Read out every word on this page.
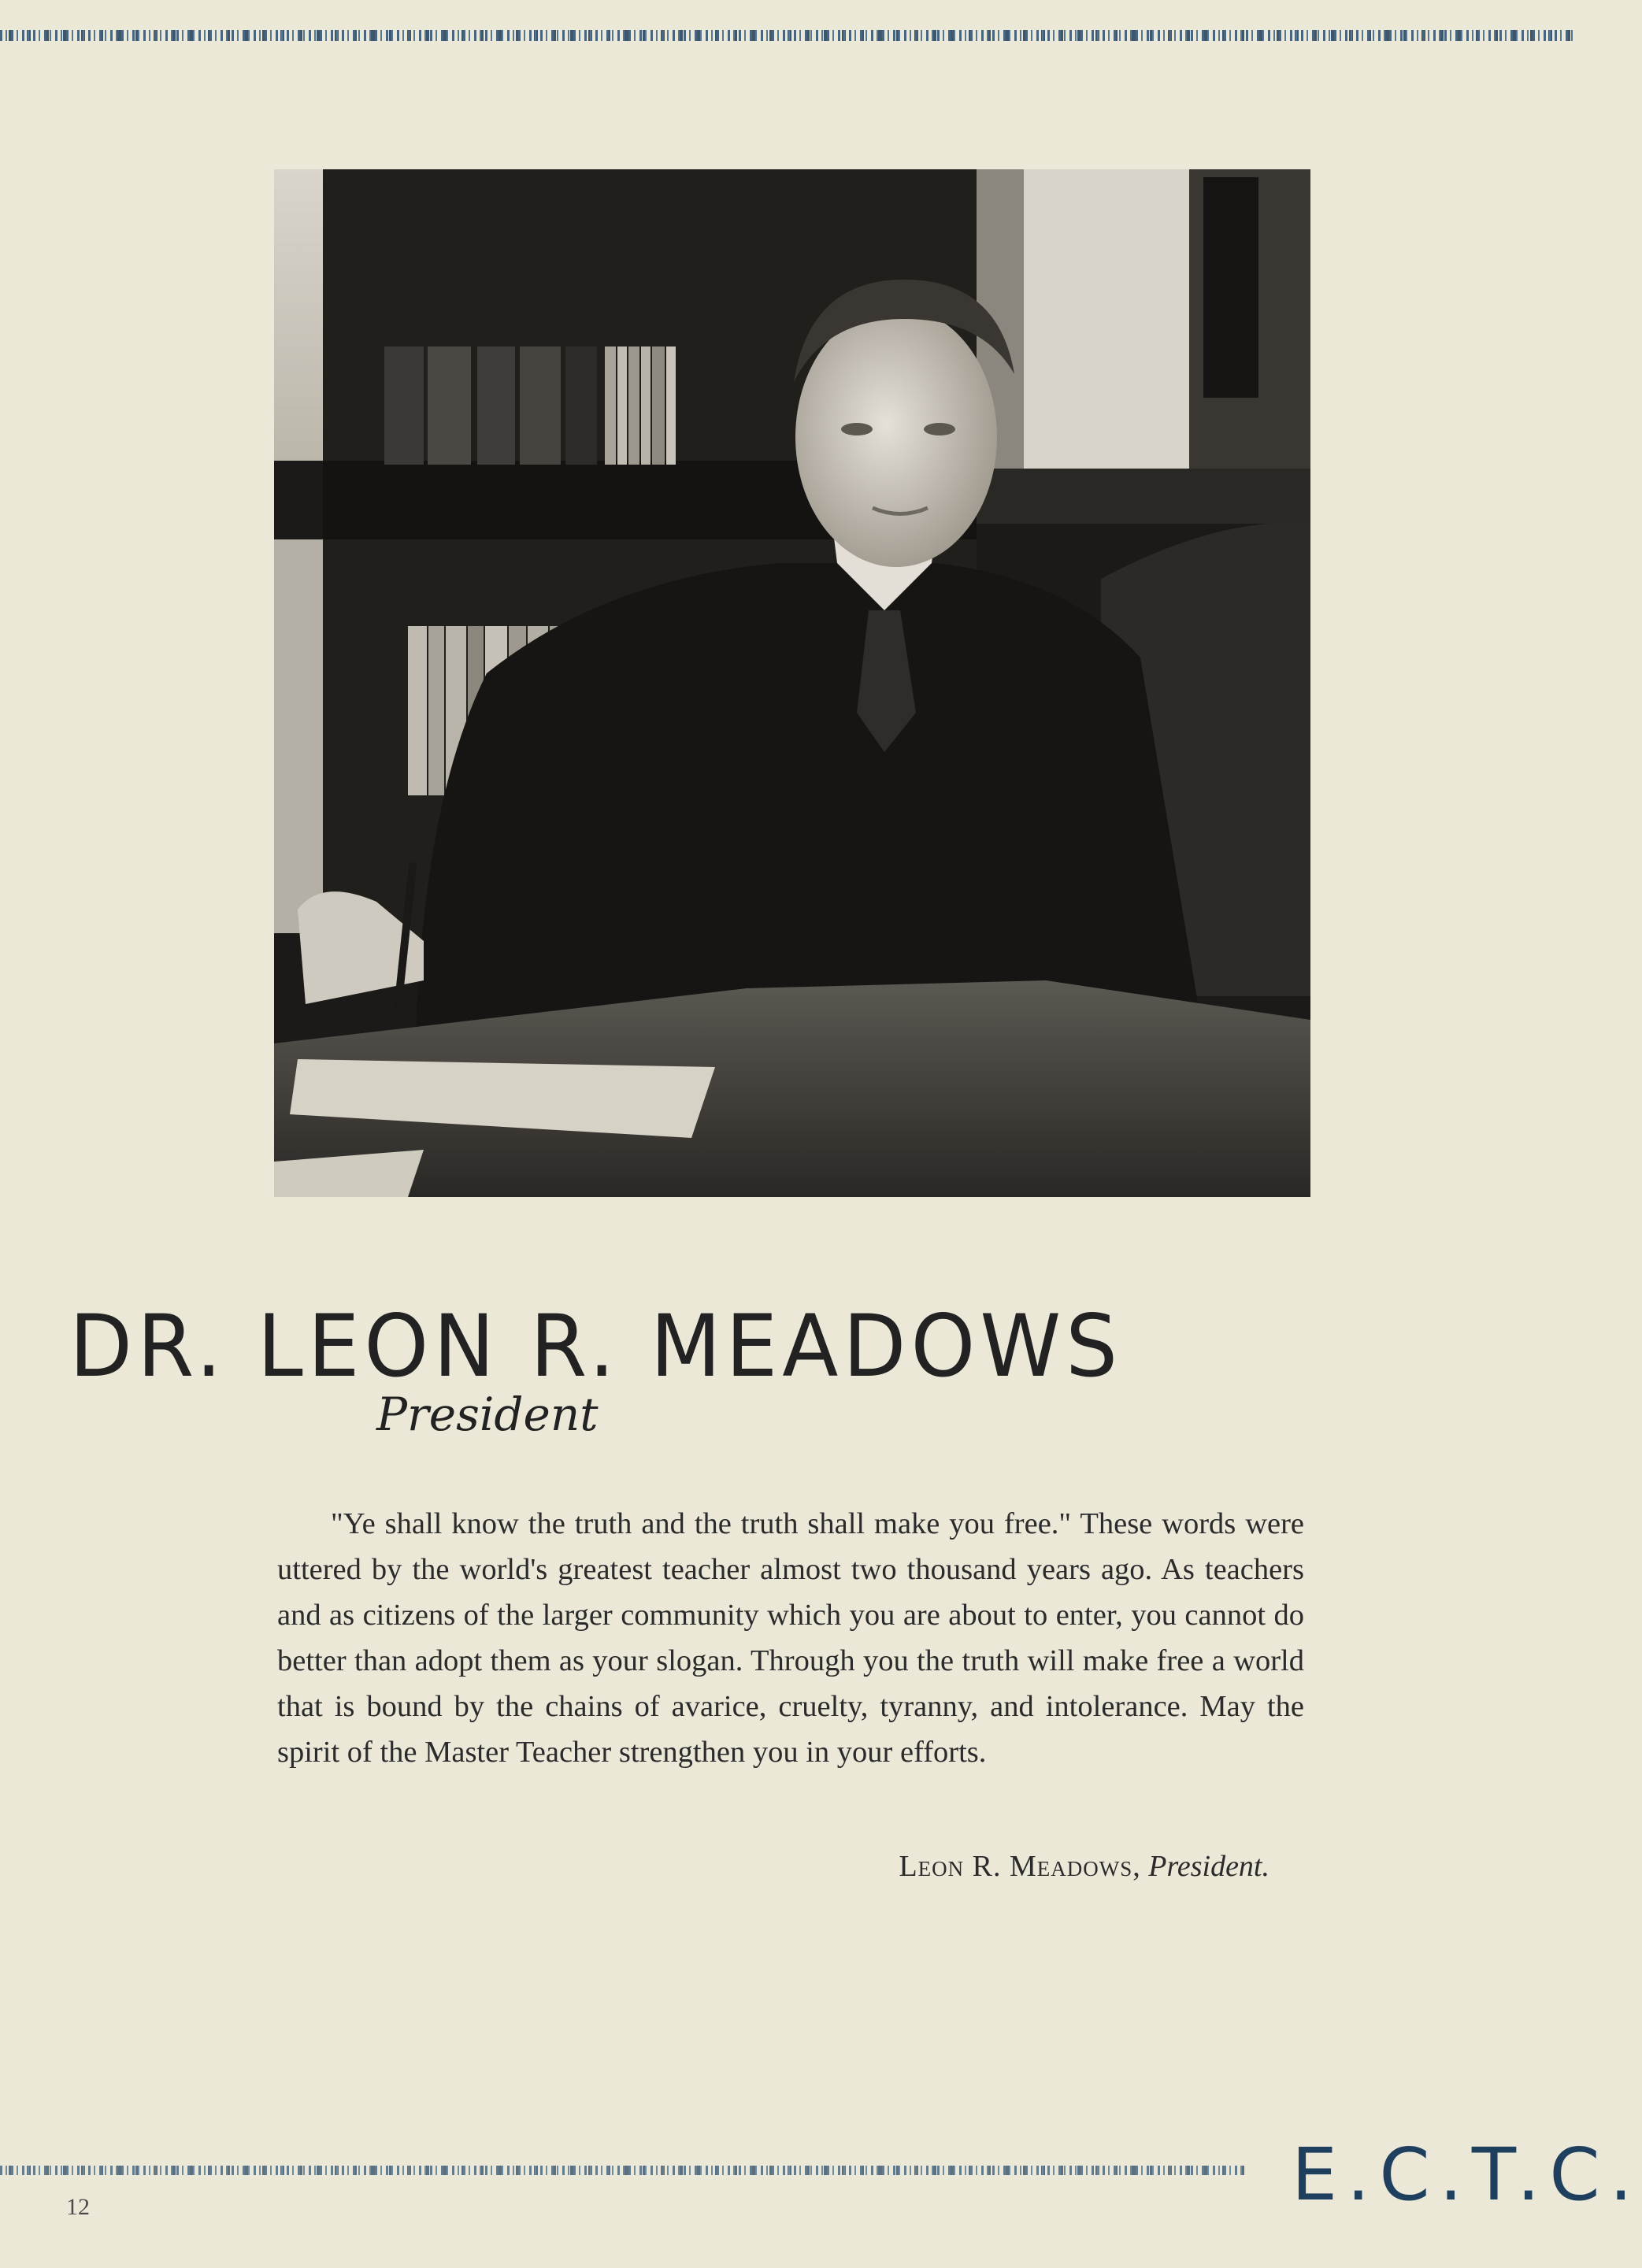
DR. LEON R. MEADOWS
President

"Ye shall know the truth and the truth shall make you free." These words were uttered by the world's greatest teacher almost two thousand years ago. As teachers and as citizens of the larger community which you are about to enter, you cannot do better than adopt them as your slogan. Through you the truth will make free a world that is bound by the chains of avarice, cruelty, tyranny, and intolerance. May the spirit of the Master Teacher strengthen you in your efforts.

Leon R. Meadows, President.
12	E.C.T.C.
